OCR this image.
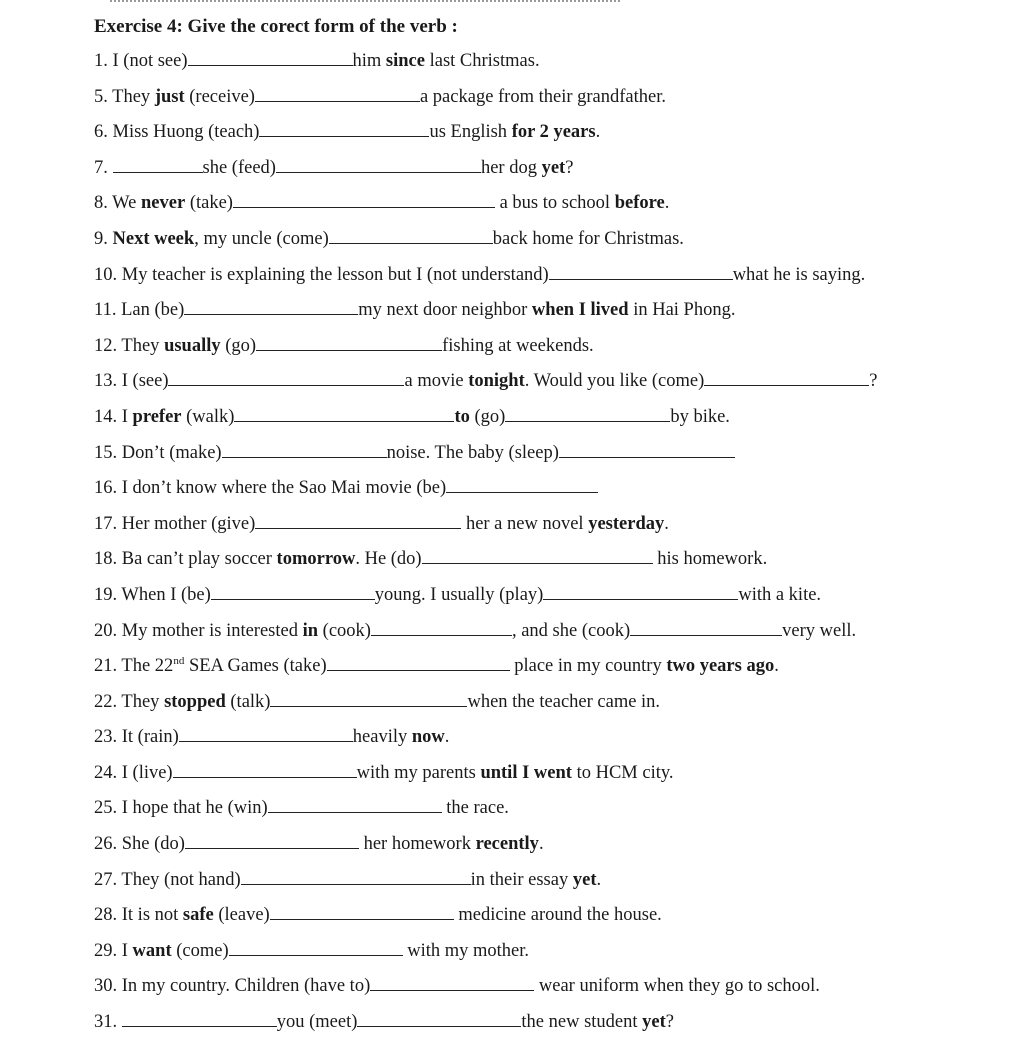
Exercise 4: Give the corect form of the verb :
1. I (not see)	him since last Christmas.
5. They just (receive)	a package from their grandfather.
6. Miss Huong (teach)	us English for 2 years.
7.	she (feed)	her dog yet?
8. We never (take)	a bus to school before.
9. Next week, my uncle (come)	back home for Christmas.
10. My teacher is explaining the lesson but I (not understand)	what he is saying.
11. Lan (be)	my next door neighbor when I lived in Hai Phong.
12. They usually (go)	fishing at weekends.
13. I (see)	a movie tonight. Would you like (come)	?
14. I prefer (walk)	to (go)	by bike.
15. Don’t (make)	noise. The baby (sleep)
16. I don’t know where the Sao Mai movie (be)
17. Her mother (give)	her a new novel yesterday.
18. Ba can’t play soccer tomorrow. He (do)	his homework.
19. When I (be)	young. I usually (play)	with a kite.
20. My mother is interested in (cook)	, and she (cook)	very well.
21. The 22nd SEA Games (take)	place in my country two years ago.
22. They stopped (talk)	when the teacher came in.
23. It (rain)	heavily now.
24. I (live)	with my parents until I went to HCM city.
25. I hope that he (win)	the race.
26. She (do)	her homework recently.
27. They (not hand)	in their essay yet.
28. It is not safe (leave)	medicine around the house.
29. I want (come)	with my mother.
30. In my country. Children (have to)	wear uniform when they go to school.
31.	you (meet)	the new student yet?
